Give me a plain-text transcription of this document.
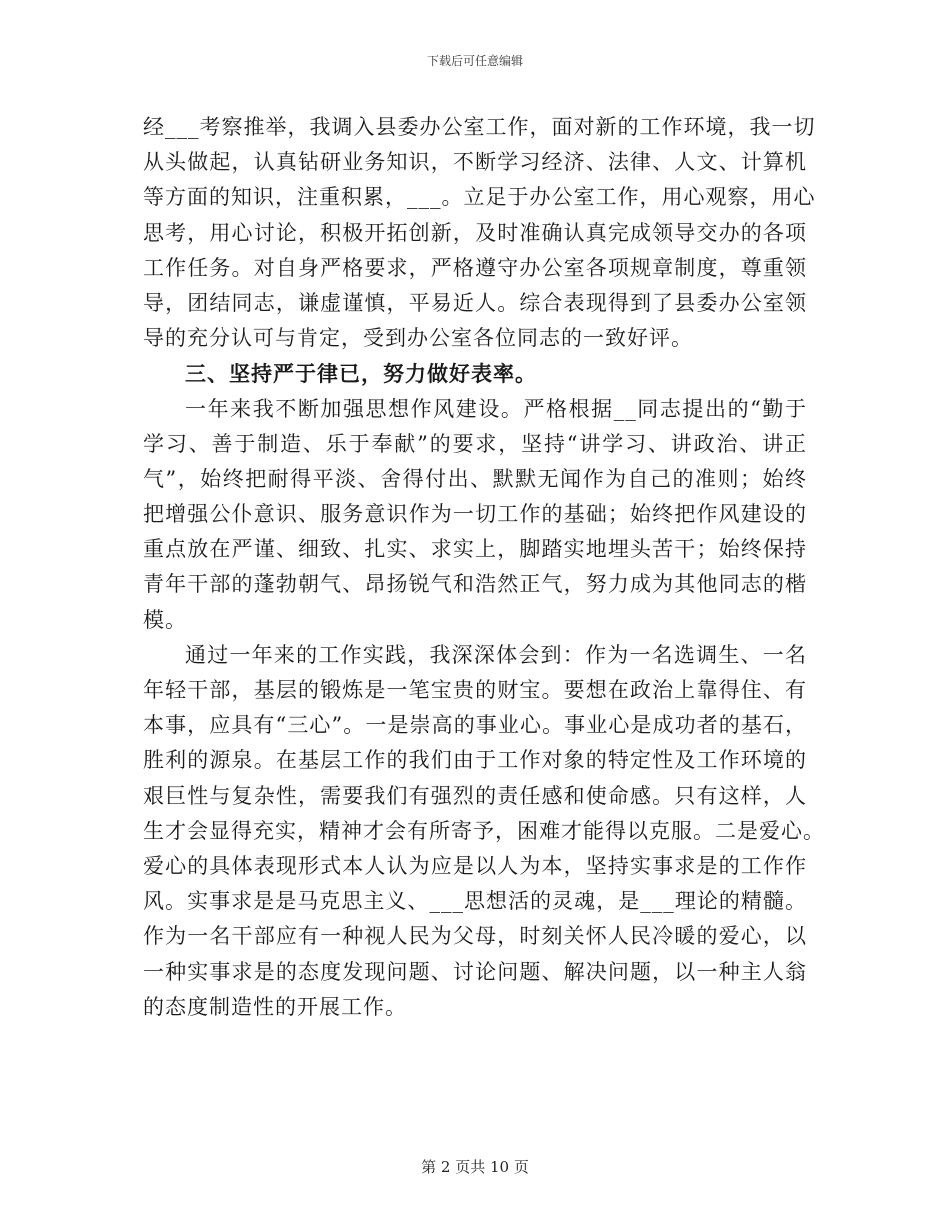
下载后可任意编辑
经___考察推举，我调入县委办公室工作，面对新的工作环境，我一切
从头做起，认真钻研业务知识，不断学习经济、法律、人文、计算机
等方面的知识，注重积累，___。立足于办公室工作，用心观察，用心
思考，用心讨论，积极开拓创新，及时准确认真完成领导交办的各项
工作任务。对自身严格要求，严格遵守办公室各项规章制度，尊重领
导，团结同志，谦虚谨慎，平易近人。综合表现得到了县委办公室领
导的充分认可与肯定，受到办公室各位同志的一致好评。
三、坚持严于律已，努力做好表率。
一年来我不断加强思想作风建设。严格根据__同志提出的“勤于
学习、善于制造、乐于奉献”的要求，坚持“讲学习、讲政治、讲正
气”，始终把耐得平淡、舍得付出、默默无闻作为自己的准则；始终
把增强公仆意识、服务意识作为一切工作的基础；始终把作风建设的
重点放在严谨、细致、扎实、求实上，脚踏实地埋头苦干；始终保持
青年干部的蓬勃朝气、昂扬锐气和浩然正气，努力成为其他同志的楷
模。
通过一年来的工作实践，我深深体会到：作为一名选调生、一名
年轻干部，基层的锻炼是一笔宝贵的财宝。要想在政治上靠得住、有
本事，应具有“三心”。一是崇高的事业心。事业心是成功者的基石，
胜利的源泉。在基层工作的我们由于工作对象的特定性及工作环境的
艰巨性与复杂性，需要我们有强烈的责任感和使命感。只有这样，人
生才会显得充实，精神才会有所寄予，困难才能得以克服。二是爱心。
爱心的具体表现形式本人认为应是以人为本，坚持实事求是的工作作
风。实事求是是马克思主义、___思想活的灵魂，是___理论的精髓。
作为一名干部应有一种视人民为父母，时刻关怀人民冷暖的爱心，以
一种实事求是的态度发现问题、讨论问题、解决问题，以一种主人翁
的态度制造性的开展工作。
第 2 页共 10 页
